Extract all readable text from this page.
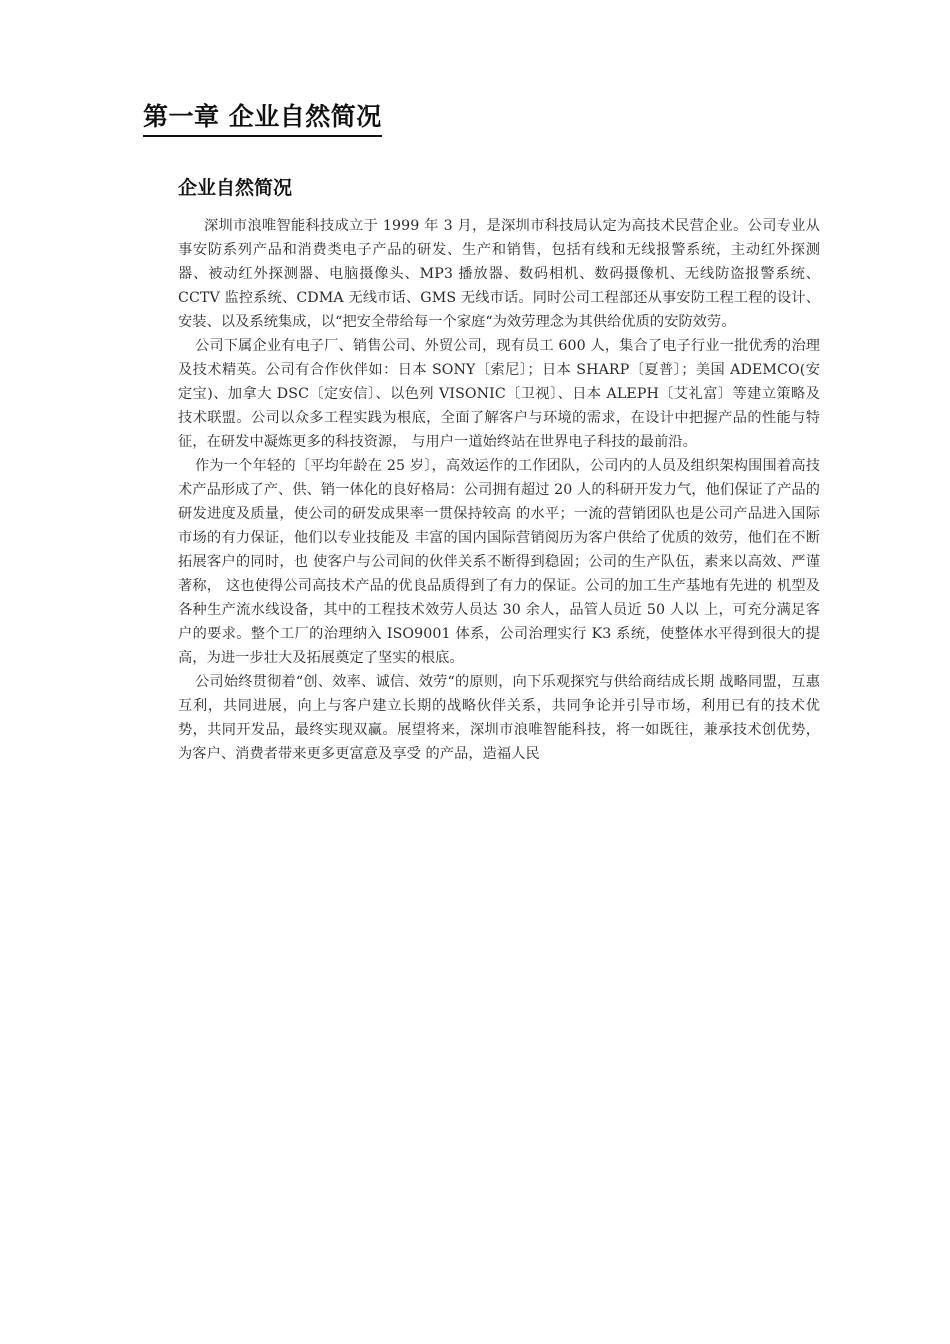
第一章 企业自然简况
企业自然简况

深圳市浪唯智能科技成立于 1999 年 3 月，是深圳市科技局认定为高技术民营企业。公司专业从事安防系列产品和消费类电子产品的研发、生产和销售，包括有线和无线报警系统，主动红外探测器、被动红外探测器、电脑摄像头、MP3 播放器、数码相机、数码摄像机、无线防盗报警系统、CCTV 监控系统、CDMA 无线市话、GMS 无线市话。同时公司工程部还从事安防工程工程的设计、安装、以及系统集成，以“把安全带给每一个家庭“为效劳理念为其供给优质的安防效劳。

公司下属企业有电子厂、销售公司、外贸公司，现有员工 600 人，集合了电子行业一批优秀的治理及技术精英。公司有合作伙伴如：日本 SONY〔索尼〕；日本 SHARP〔夏普〕；美国 ADEMCO(安定宝)、加拿大 DSC〔定安信〕、以色列 VISONIC〔卫视〕、日本 ALEPH〔艾礼富〕等建立策略及技术联盟。公司以众多工程实践为根底，全面了解客户与环境的需求，在设计中把握产品的性能与特征，在研发中凝炼更多的科技资源， 与用户一道始终站在世界电子科技的最前沿。

作为一个年轻的〔平均年龄在 25 岁〕，高效运作的工作团队，公司内的人员及组织架构围围着高技术产品形成了产、供、销一体化的良好格局：公司拥有超过 20 人的科研开发力气，他们保证了产品的研发进度及质量，使公司的研发成果率一贯保持较高 的水平；一流的营销团队也是公司产品进入国际市场的有力保证，他们以专业技能及 丰富的国内国际营销阅历为客户供给了优质的效劳，他们在不断拓展客户的同时，也 使客户与公司间的伙伴关系不断得到稳固；公司的生产队伍，素来以高效、严谨著称， 这也使得公司高技术产品的优良品质得到了有力的保证。公司的加工生产基地有先进的 机型及各种生产流水线设备，其中的工程技术效劳人员达 30 余人，品管人员近 50 人以 上，可充分满足客户的要求。整个工厂的治理纳入 ISO9001 体系，公司治理实行 K3 系统，使整体水平得到很大的提高，为进一步壮大及拓展奠定了坚实的根底。

公司始终贯彻着“创、效率、诚信、效劳“的原则，向下乐观探究与供给商结成长期 战略同盟，互惠互利，共同进展，向上与客户建立长期的战略伙伴关系，共同争论并引导市场，利用已有的技术优势，共同开发品，最终实现双赢。展望将来，深圳市浪唯智能科技，将一如既往，兼承技术创优势，为客户、消费者带来更多更富意及享受 的产品，造福人民
